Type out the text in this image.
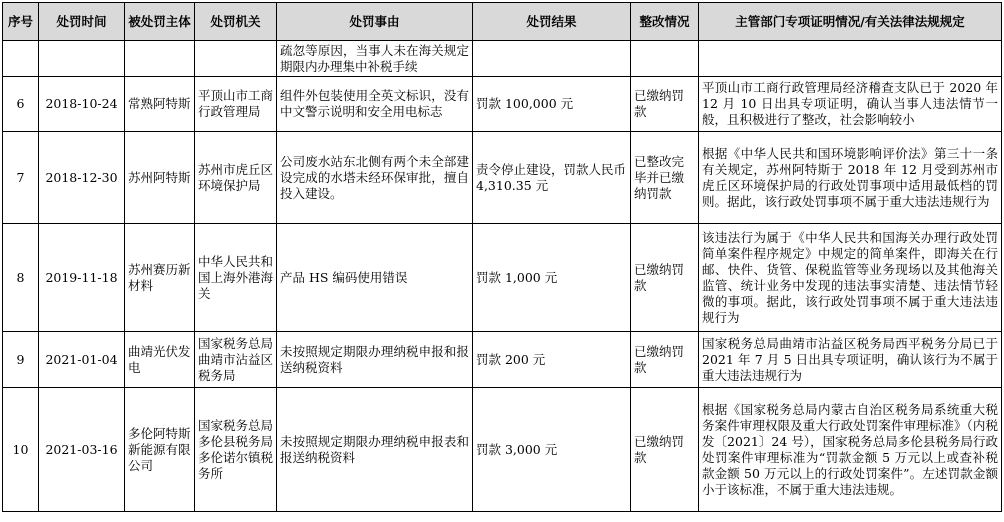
序号	处罚时间	被处罚主体	处罚机关	处罚事由	处罚结果	整改情况	主管部门专项证明情况/有关法律法规规定
				疏忽等原因，当事人未在海关规定期限内办理集中补税手续			
6	2018-10-24	常熟阿特斯	平顶山市工商行政管理局	组件外包装使用全英文标识，没有中文警示说明和安全用电标志	罚款 100,000 元	已缴纳罚款	平顶山市工商行政管理局经济稽查支队已于 2020 年 12 月 10 日出具专项证明，确认当事人违法情节一般，且积极进行了整改，社会影响较小
7	2018-12-30	苏州阿特斯	苏州市虎丘区环境保护局	公司废水站东北侧有两个未全部建设完成的水塔未经环保审批，擅自投入建设。	责令停止建设，罚款人民币 4,310.35 元	已整改完毕并已缴纳罚款	根据《中华人民共和国环境影响评价法》第三十一条有关规定，苏州阿特斯于 2018 年 12 月受到苏州市虎丘区环境保护局的行政处罚事项中适用最低档的罚则。据此，该行政处罚事项不属于重大违法违规行为
8	2019-11-18	苏州赛历新材料	中华人民共和国上海外港海关	产品 HS 编码使用错误	罚款 1,000 元	已缴纳罚款	该违法行为属于《中华人民共和国海关办理行政处罚简单案件程序规定》中规定的简单案件，即海关在行邮、快件、货管、保税监管等业务现场以及其他海关监管、统计业务中发现的违法事实清楚、违法情节轻微的事项。据此，该行政处罚事项不属于重大违法违规行为
9	2021-01-04	曲靖光伏发电	国家税务总局曲靖市沾益区税务局	未按照规定期限办理纳税申报和报送纳税资料	罚款 200 元	已缴纳罚款	国家税务总局曲靖市沾益区税务局西平税务分局已于 2021 年 7 月 5 日出具专项证明，确认该行为不属于重大违法违规行为
10	2021-03-16	多伦阿特斯新能源有限公司	国家税务总局多伦县税务局多伦诺尔镇税务所	未按照规定期限办理纳税申报表和报送纳税资料	罚款 3,000 元	已缴纳罚款	根据《国家税务总局内蒙古自治区税务局系统重大税务案件审理权限及重大行政处罚案件审理标准》（内税发〔2021〕24 号），国家税务总局多伦县税务局行政处罚案件审理标准为“罚款金额 5 万元以上或查补税款金额 50 万元以上的行政处罚案件”。左述罚款金额小于该标准，不属于重大违法违规。
